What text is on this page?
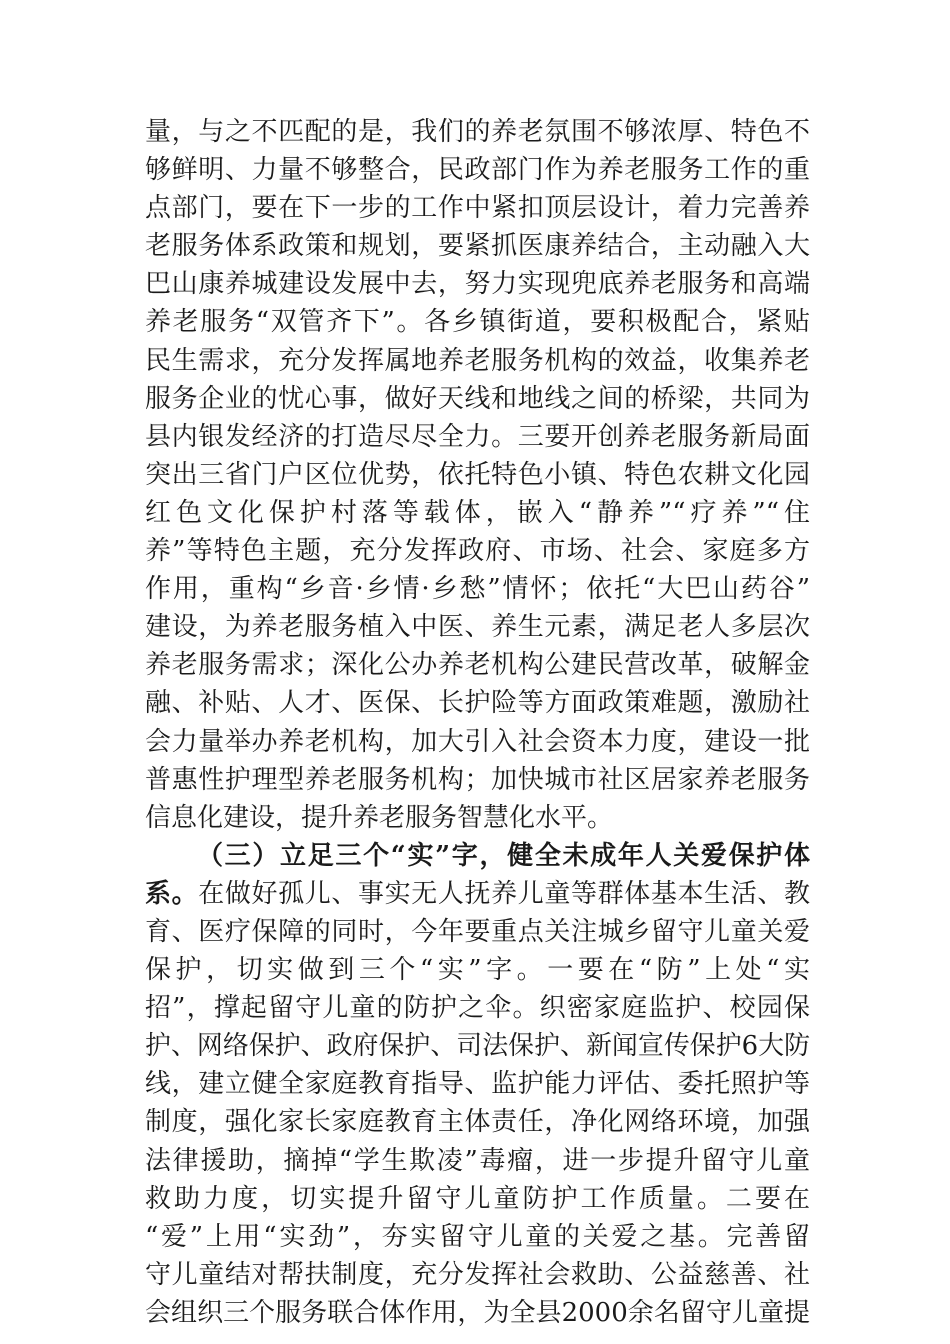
量，与之不匹配的是，我们的养老氛围不够浓厚、特色不
够鲜明、力量不够整合，民政部门作为养老服务工作的重
点部门，要在下一步的工作中紧扣顶层设计，着力完善养
老服务体系政策和规划，要紧抓医康养结合，主动融入大
巴山康养城建设发展中去，努力实现兜底养老服务和高端
养老服务“双管齐下”。各乡镇街道，要积极配合，紧贴
民生需求，充分发挥属地养老服务机构的效益，收集养老
服务企业的忧心事，做好天线和地线之间的桥梁，共同为
县内银发经济的打造尽尽全力。三要开创养老服务新局面
突出三省门户区位优势，依托特色小镇、特色农耕文化园
红色文化保护村落等载体，嵌入“静养”“疗养”“住
养”等特色主题，充分发挥政府、市场、社会、家庭多方
作用，重构“乡音·乡情·乡愁”情怀；依托“大巴山药谷”
建设，为养老服务植入中医、养生元素，满足老人多层次
养老服务需求；深化公办养老机构公建民营改革，破解金
融、补贴、人才、医保、长护险等方面政策难题，激励社
会力量举办养老机构，加大引入社会资本力度，建设一批
普惠性护理型养老服务机构；加快城市社区居家养老服务
信息化建设，提升养老服务智慧化水平。
（三）立足三个“实”字，健全未成年人关爱保护体
系。在做好孤儿、事实无人抚养儿童等群体基本生活、教
育、医疗保障的同时，今年要重点关注城乡留守儿童关爱
保护，切实做到三个“实”字。一要在“防”上处“实
招”，撑起留守儿童的防护之伞。织密家庭监护、校园保
护、网络保护、政府保护、司法保护、新闻宣传保护6大防
线，建立健全家庭教育指导、监护能力评估、委托照护等
制度，强化家长家庭教育主体责任，净化网络环境，加强
法律援助，摘掉“学生欺凌”毒瘤，进一步提升留守儿童
救助力度，切实提升留守儿童防护工作质量。二要在
“爱”上用“实劲”，夯实留守儿童的关爱之基。完善留
守儿童结对帮扶制度，充分发挥社会救助、公益慈善、社
会组织三个服务联合体作用，为全县2000余名留守儿童提
